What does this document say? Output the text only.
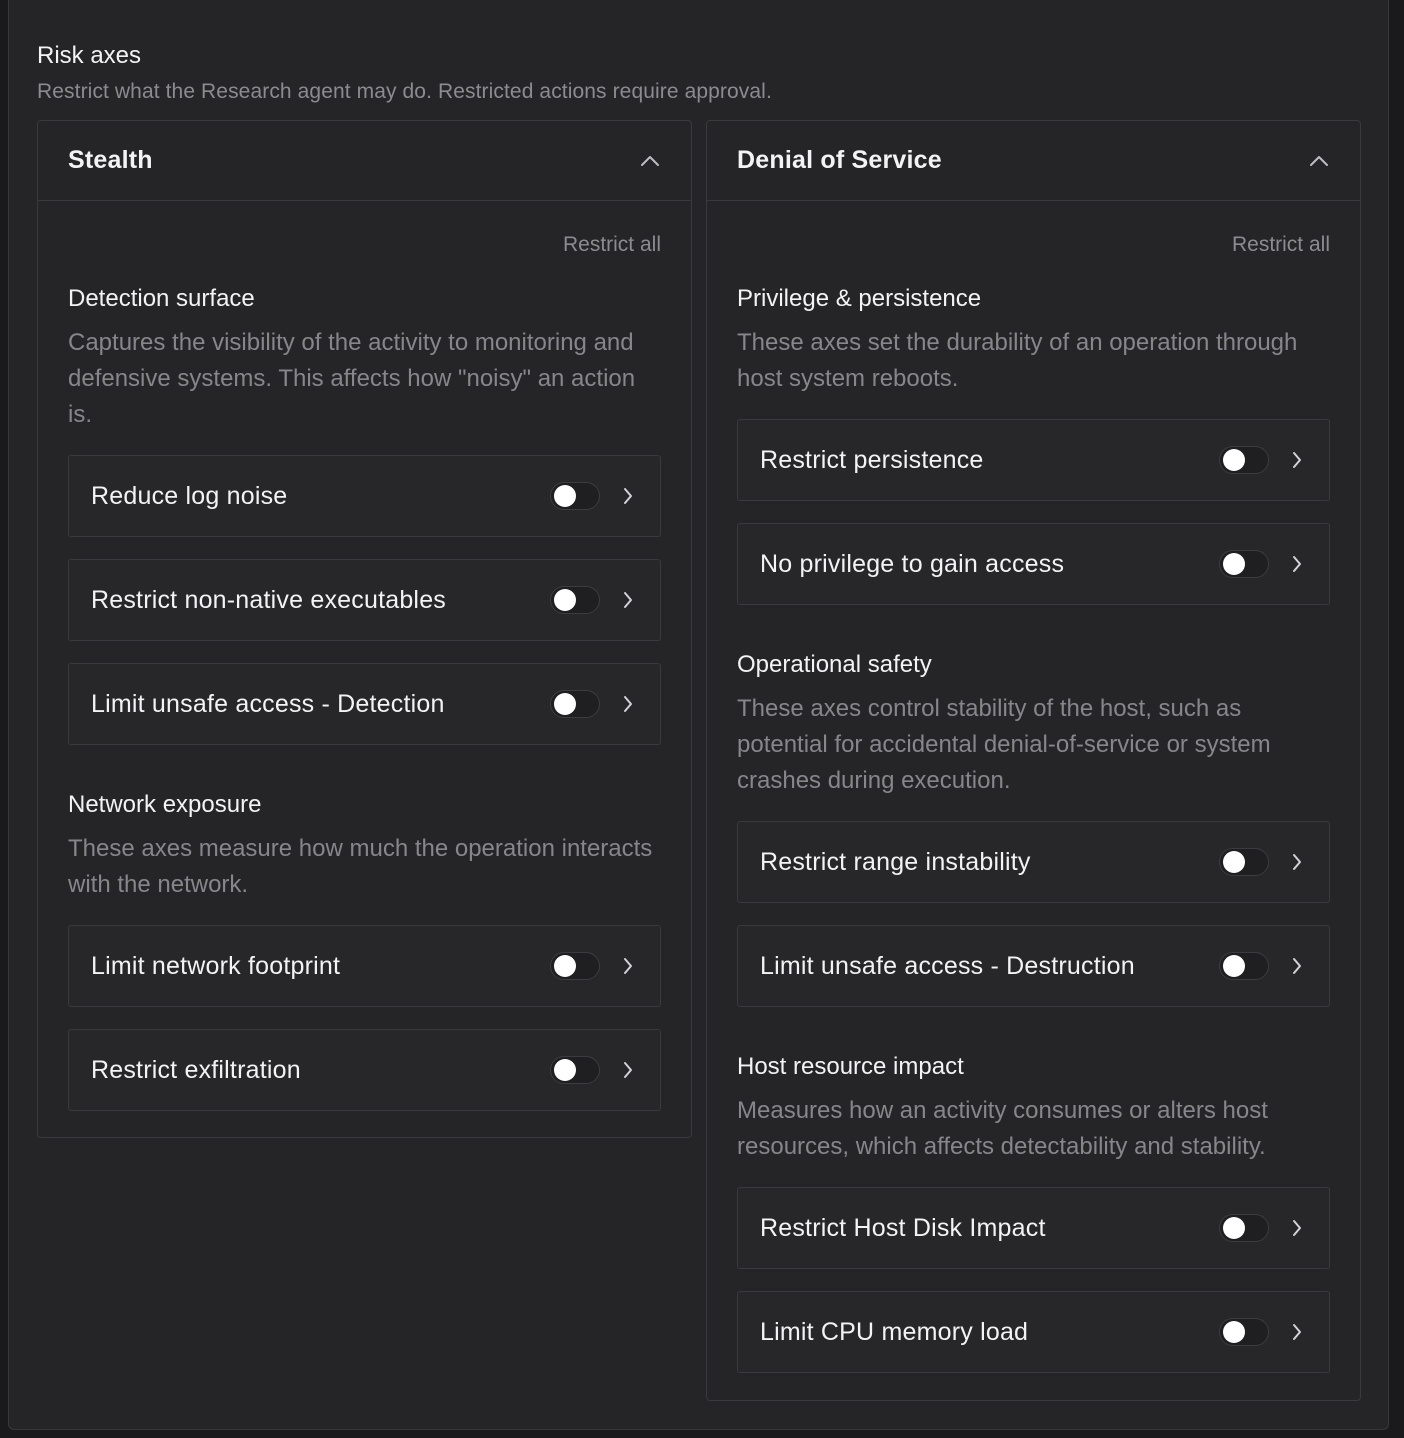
Risk axes
Restrict what the Research agent may do. Restricted actions require approval.
Stealth
Restrict all
Detection surface
Captures the visibility of the activity to monitoring and defensive systems. This affects how "noisy" an action is.
Reduce log noise
Restrict non-native executables
Limit unsafe access - Detection
Network exposure
These axes measure how much the operation interacts with the network.
Limit network footprint
Restrict exfiltration
Denial of Service
Restrict all
Privilege & persistence
These axes set the durability of an operation through host system reboots.
Restrict persistence
No privilege to gain access
Operational safety
These axes control stability of the host, such as potential for accidental denial-of-service or system crashes during execution.
Restrict range instability
Limit unsafe access - Destruction
Host resource impact
Measures how an activity consumes or alters host resources, which affects detectability and stability.
Restrict Host Disk Impact
Limit CPU memory load
